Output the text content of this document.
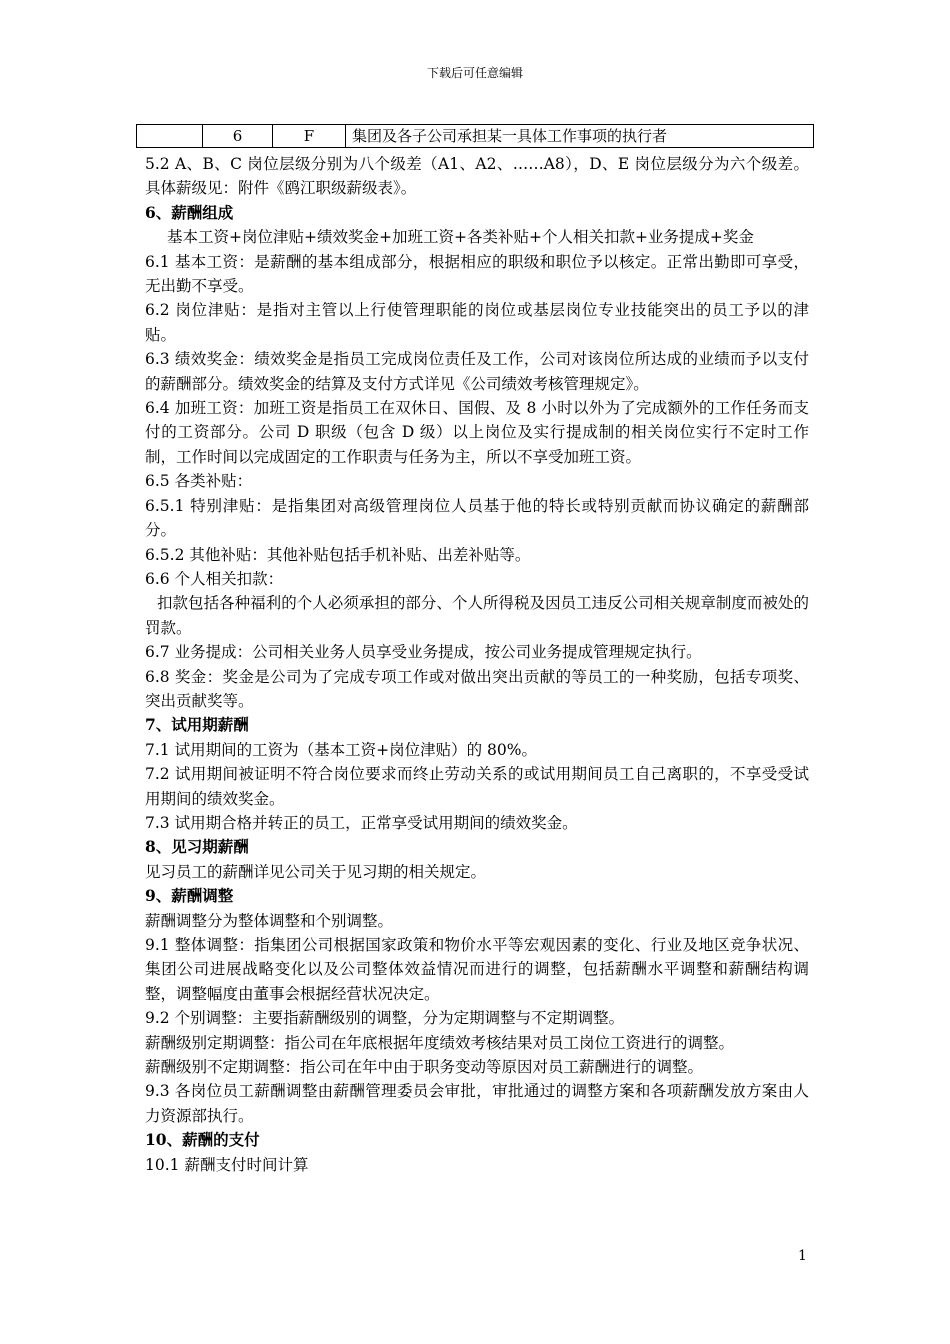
下载后可任意编辑
6	F	集团及各子公司承担某一具体工作事项的执行者

5.2 A、B、C 岗位层级分别为八个级差（A1、A2、……A8），D、E 岗位层级分为六个级差。具体薪级见：附件《鸥江职级薪级表》。

6、薪酬组成

基本工资+岗位津贴+绩效奖金+加班工资+各类补贴+个人相关扣款+业务提成+奖金

6.1 基本工资：是薪酬的基本组成部分，根据相应的职级和职位予以核定。正常出勤即可享受，无出勤不享受。

6.2 岗位津贴：是指对主管以上行使管理职能的岗位或基层岗位专业技能突出的员工予以的津贴。

6.3 绩效奖金：绩效奖金是指员工完成岗位责任及工作，公司对该岗位所达成的业绩而予以支付的薪酬部分。绩效奖金的结算及支付方式详见《公司绩效考核管理规定》。

6.4 加班工资：加班工资是指员工在双休日、国假、及 8 小时以外为了完成额外的工作任务而支付的工资部分。公司 D 职级（包含 D 级）以上岗位及实行提成制的相关岗位实行不定时工作制，工作时间以完成固定的工作职责与任务为主，所以不享受加班工资。

6.5 各类补贴：

6.5.1 特别津贴：是指集团对高级管理岗位人员基于他的特长或特别贡献而协议确定的薪酬部分。

6.5.2 其他补贴：其他补贴包括手机补贴、出差补贴等。

6.6 个人相关扣款：

扣款包括各种福利的个人必须承担的部分、个人所得税及因员工违反公司相关规章制度而被处的罚款。

6.7 业务提成：公司相关业务人员享受业务提成，按公司业务提成管理规定执行。

6.8 奖金：奖金是公司为了完成专项工作或对做出突出贡献的等员工的一种奖励，包括专项奖、突出贡献奖等。

7、试用期薪酬

7.1 试用期间的工资为（基本工资+岗位津贴）的 80%。

7.2 试用期间被证明不符合岗位要求而终止劳动关系的或试用期间员工自己离职的，不享受受试用期间的绩效奖金。

7.3 试用期合格并转正的员工，正常享受试用期间的绩效奖金。

8、见习期薪酬

见习员工的薪酬详见公司关于见习期的相关规定。

9、薪酬调整

薪酬调整分为整体调整和个别调整。

9.1 整体调整：指集团公司根据国家政策和物价水平等宏观因素的变化、行业及地区竞争状况、集团公司进展战略变化以及公司整体效益情况而进行的调整，包括薪酬水平调整和薪酬结构调整，调整幅度由董事会根据经营状况决定。

9.2 个别调整：主要指薪酬级别的调整，分为定期调整与不定期调整。

薪酬级别定期调整：指公司在年底根据年度绩效考核结果对员工岗位工资进行的调整。

薪酬级别不定期调整：指公司在年中由于职务变动等原因对员工薪酬进行的调整。

9.3 各岗位员工薪酬调整由薪酬管理委员会审批，审批通过的调整方案和各项薪酬发放方案由人力资源部执行。

10、薪酬的支付

10.1 薪酬支付时间计算

1
